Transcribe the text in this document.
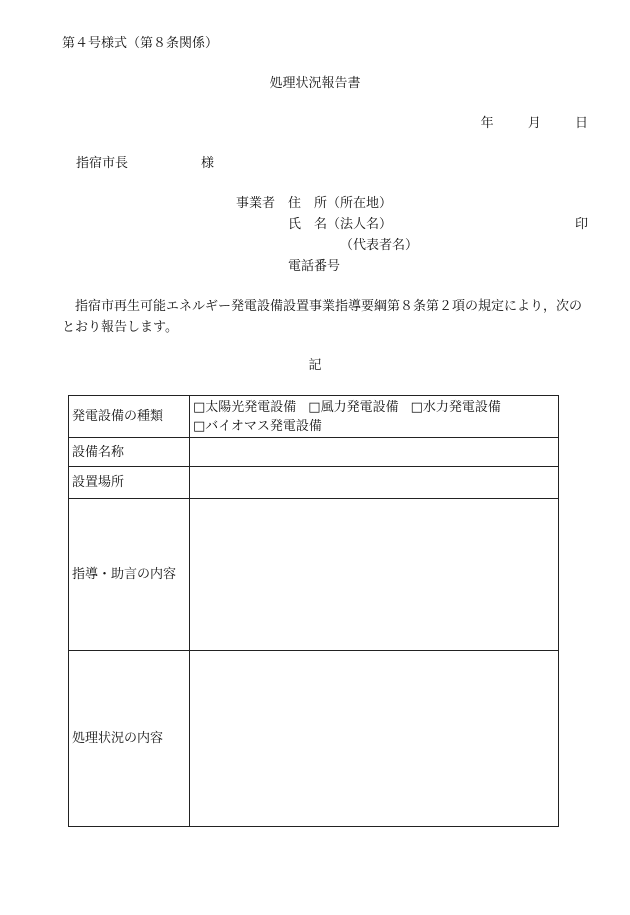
第４号様式（第８条関係）
処理状況報告書
年	月	日
指宿市長	様
事業者 住　所（所在地）
氏　名（法人名）
（代表者名）
電話番号
印
指宿市再生可能エネルギー発電設備設置事業指導要綱第８条第２項の規定により，次のとおり報告します。
記
発電設備の種類	□太陽光発電設備 □風力発電設備 □水力発電設備
□バイオマス発電設備
設備名称	
設置場所	
指導・助言の内容	
処理状況の内容	
